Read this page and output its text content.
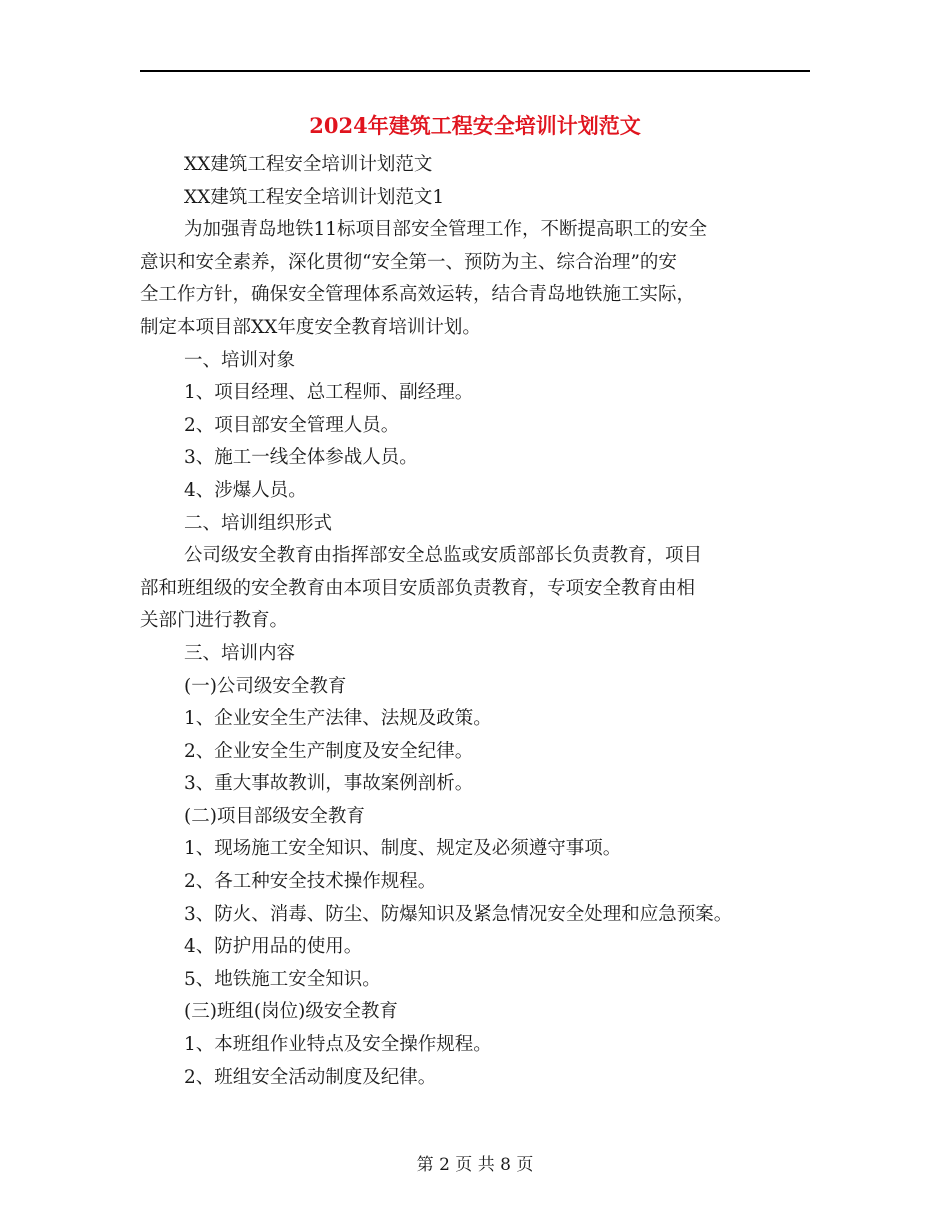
2024年建筑工程安全培训计划范文
XX建筑工程安全培训计划范文
XX建筑工程安全培训计划范文1
为加强青岛地铁11标项目部安全管理工作，不断提高职工的安全
意识和安全素养，深化贯彻“安全第一、预防为主、综合治理”的安
全工作方针，确保安全管理体系高效运转，结合青岛地铁施工实际，
制定本项目部XX年度安全教育培训计划。
一、培训对象
1、项目经理、总工程师、副经理。
2、项目部安全管理人员。
3、施工一线全体参战人员。
4、涉爆人员。
二、培训组织形式
公司级安全教育由指挥部安全总监或安质部部长负责教育，项目
部和班组级的安全教育由本项目安质部负责教育，专项安全教育由相
关部门进行教育。
三、培训内容
(一)公司级安全教育
1、企业安全生产法律、法规及政策。
2、企业安全生产制度及安全纪律。
3、重大事故教训，事故案例剖析。
(二)项目部级安全教育
1、现场施工安全知识、制度、规定及必须遵守事项。
2、各工种安全技术操作规程。
3、防火、消毒、防尘、防爆知识及紧急情况安全处理和应急预案。
4、防护用品的使用。
5、地铁施工安全知识。
(三)班组(岗位)级安全教育
1、本班组作业特点及安全操作规程。
2、班组安全活动制度及纪律。
第 2 页 共 8 页
